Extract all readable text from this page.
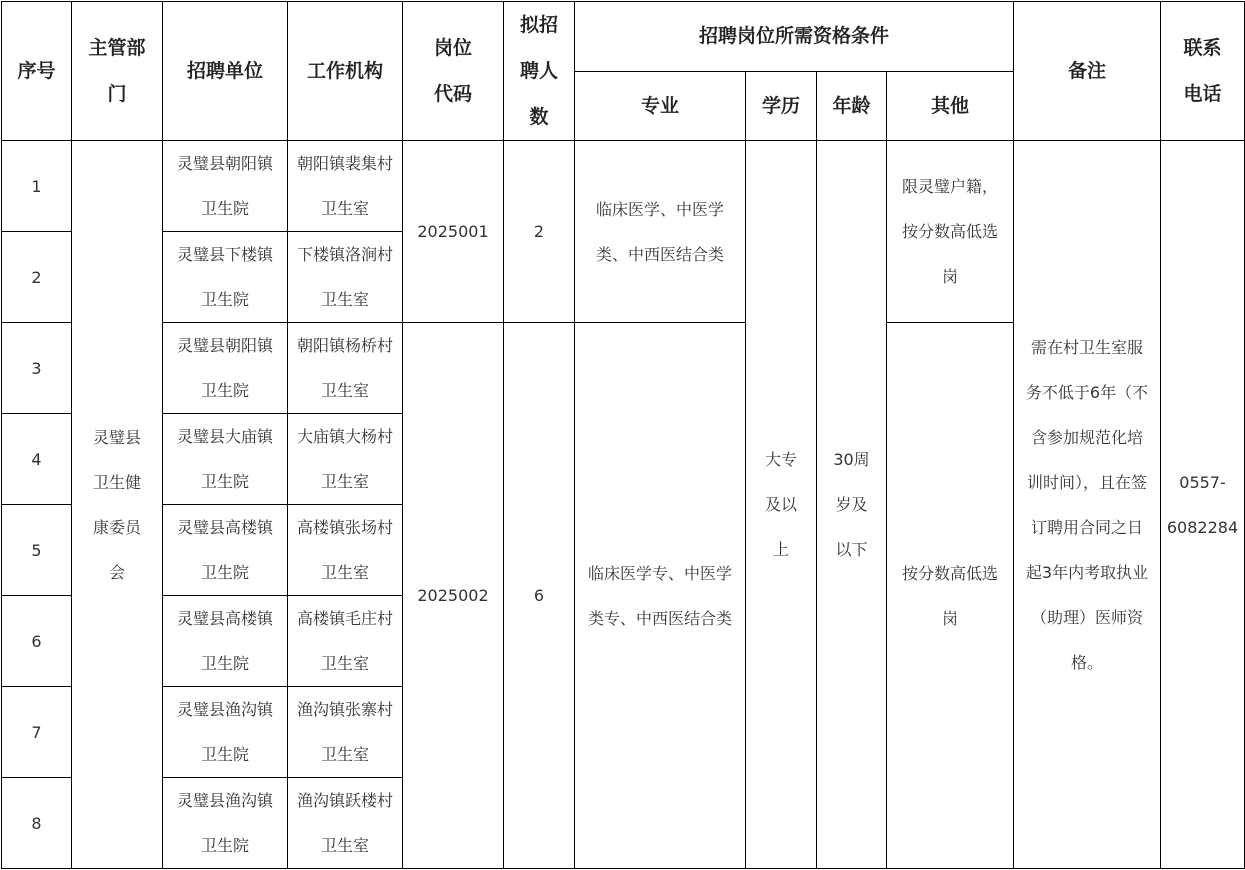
序号	主管部门	招聘单位	工作机构	岗位代码	拟招聘人数	招聘岗位所需资格条件				备注	联系电话
						专业	学历	年龄	其他		
1	灵璧县卫生健康委员会	灵璧县朝阳镇卫生院	朝阳镇裴集村卫生室	2025001	2	临床医学、中医学类、中西医结合类	大专及以上	30周岁及以下	限灵璧户籍，按分数高低选岗	需在村卫生室服务不低于6年（不含参加规范化培训时间），且在签订聘用合同之日起3年内考取执业（助理）医师资格。	0557-6082284
2		灵璧县下楼镇卫生院	下楼镇洛涧村卫生室								
3		灵璧县朝阳镇卫生院	朝阳镇杨桥村卫生室	2025002	6	临床医学专、中医学类专、中西医结合类			按分数高低选岗		
4		灵璧县大庙镇卫生院	大庙镇大杨村卫生室								
5		灵璧县高楼镇卫生院	高楼镇张场村卫生室								
6		灵璧县高楼镇卫生院	高楼镇毛庄村卫生室								
7		灵璧县渔沟镇卫生院	渔沟镇张寨村卫生室								
8		灵璧县渔沟镇卫生院	渔沟镇跃楼村卫生室								
